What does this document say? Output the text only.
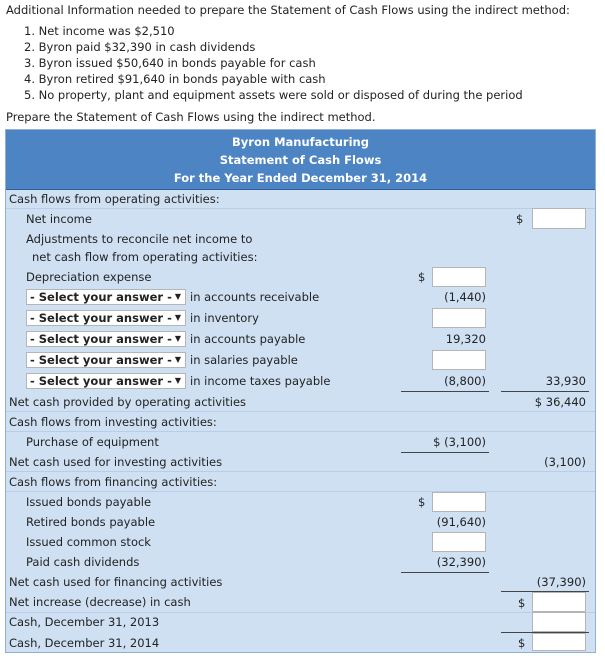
Additional Information needed to prepare the Statement of Cash Flows using the indirect method:
1. Net income was $2,510
2. Byron paid $32,390 in cash dividends
3. Byron issued $50,640 in bonds payable for cash
4. Byron retired $91,640 in bonds payable with cash
5. No property, plant and equipment assets were sold or disposed of during the period
Prepare the Statement of Cash Flows using the indirect method.
Byron Manufacturing
Statement of Cash Flows
For the Year Ended December 31, 2014
Cash flows from operating activities:
Net income	$
Adjustments to reconcile net income to
net cash flow from operating activities:
Depreciation expense	$
- Select your answer - ▼ in accounts receivable	(1,440)
- Select your answer - ▼ in inventory
- Select your answer - ▼ in accounts payable	19,320
- Select your answer - ▼ in salaries payable
- Select your answer - ▼ in income taxes payable	(8,800)	33,930
Net cash provided by operating activities	$ 36,440
Cash flows from investing activities:
Purchase of equipment	$ (3,100)
Net cash used for investing activities	(3,100)
Cash flows from financing activities:
Issued bonds payable	$
Retired bonds payable	(91,640)
Issued common stock
Paid cash dividends	(32,390)
Net cash used for financing activities	(37,390)
Net increase (decrease) in cash	$
Cash, December 31, 2013
Cash, December 31, 2014	$
